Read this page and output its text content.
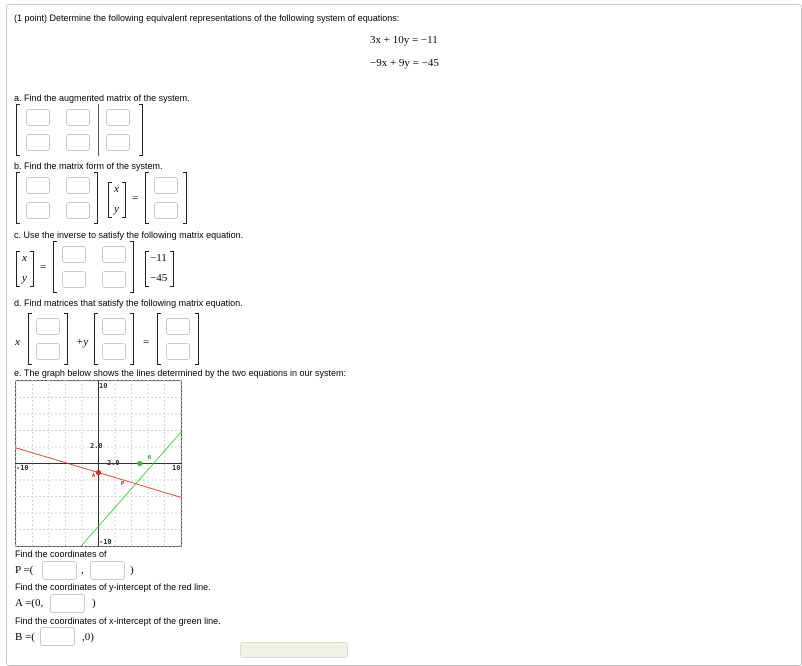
(1 point) Determine the following equivalent representations of the following system of equations:
3x + 10y = −11
−9x + 9y = −45
a. Find the augmented matrix of the system.
b. Find the matrix form of the system.
x
y
=
c. Use the inverse to satisfy the following matrix equation.
x
y
=
−11
−45
d. Find matrices that satisfy the following matrix equation.
x	+y	=
e. The graph below shows the lines determined by the two equations in our system:
10
-10
-10	10
2.0
2.0
A
B
P
Find the coordinates of
P =(	,	)
Find the coordinates of y-intercept of the red line.
A =(0,	)
Find the coordinates of x-intercept of the green line.
B =(	,0)
